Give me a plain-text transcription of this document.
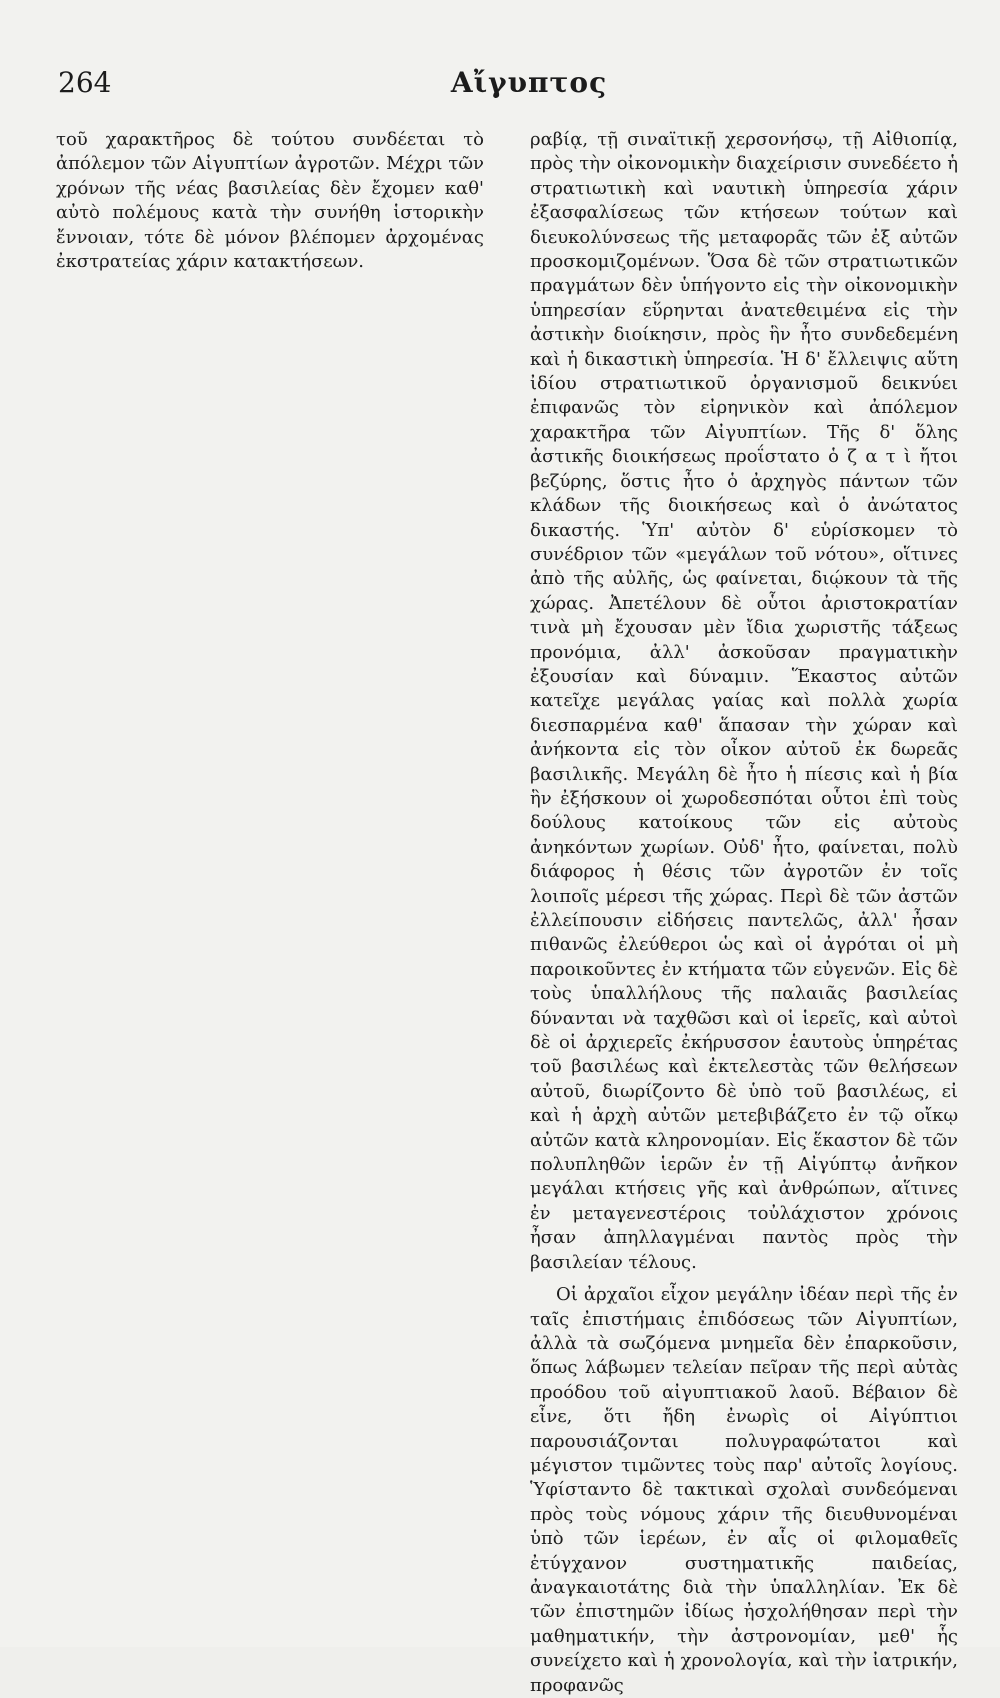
264	Αἴγυπτος

τοῦ χαρακτῆρος δὲ τούτου συνδέεται τὸ ἀπόλεμον τῶν Αἰγυπτίων ἀγροτῶν. Μέχρι τῶν χρόνων τῆς νέας βασιλείας δὲν ἔχομεν καθ' αὐτὸ πολέμους κατὰ τὴν συνήθη ἱστορικὴν ἔννοιαν, τότε δὲ μόνον βλέπομεν ἀρχομένας ἐκστρατείας χάριν κατακτήσεων.

ραβίᾳ, τῇ σιναϊτικῇ χερσονήσῳ, τῇ Αἰθιοπίᾳ, πρὸς τὴν οἰκονομικὴν διαχείρισιν συνεδέετο ἡ στρατιωτικὴ καὶ ναυτικὴ ὑπηρεσία χάριν ἐξασφαλίσεως τῶν κτήσεων τούτων καὶ διευκολύνσεως τῆς μεταφορᾶς τῶν ἐξ αὐτῶν προσκομιζομένων. Ὅσα δὲ τῶν στρατιωτικῶν πραγμάτων δὲν ὑπήγοντο εἰς τὴν οἰκονομικὴν ὑπηρεσίαν εὕρηνται ἀνατεθειμένα εἰς τὴν ἀστικὴν διοίκησιν, πρὸς ἣν ἦτο συνδεδεμένη καὶ ἡ δικαστικὴ ὑπηρεσία. Ἡ δ' ἔλλειψις αὕτη ἰδίου στρατιωτικοῦ ὀργανισμοῦ δεικνύει ἐπιφανῶς τὸν εἰρηνικὸν καὶ ἀπόλεμον χαρακτῆρα τῶν Αἰγυπτίων. Τῆς δ' ὅλης ἀστικῆς διοικήσεως προΐστατο ὁ ζ α τ ὶ ἤτοι βεζύρης, ὅστις ἦτο ὁ ἀρχηγὸς πάντων τῶν κλάδων τῆς διοικήσεως καὶ ὁ ἀνώτατος δικαστής. Ὑπ' αὐτὸν δ' εὑρίσκομεν τὸ συνέδριον τῶν «μεγάλων τοῦ νότου», οἵτινες ἀπὸ τῆς αὐλῆς, ὡς φαίνεται, διῴκουν τὰ τῆς χώρας. Ἀπετέλουν δὲ οὗτοι ἀριστοκρατίαν τινὰ μὴ ἔχουσαν μὲν ἴδια χωριστῆς τάξεως προνόμια, ἀλλ' ἀσκοῦσαν πραγματικὴν ἐξουσίαν καὶ δύναμιν. Ἕκαστος αὐτῶν κατεῖχε μεγάλας γαίας καὶ πολλὰ χωρία διεσπαρμένα καθ' ἅπασαν τὴν χώραν καὶ ἀνήκοντα εἰς τὸν οἶκον αὐτοῦ ἐκ δωρεᾶς βασιλικῆς. Μεγάλη δὲ ἦτο ἡ πίεσις καὶ ἡ βία ἣν ἐξήσκουν οἱ χωροδεσπόται οὗτοι ἐπὶ τοὺς δούλους κατοίκους τῶν εἰς αὐτοὺς ἀνηκόντων χωρίων. Οὐδ' ἦτο, φαίνεται, πολὺ διάφορος ἡ θέσις τῶν ἀγροτῶν ἐν τοῖς λοιποῖς μέρεσι τῆς χώρας. Περὶ δὲ τῶν ἀστῶν ἐλλείπουσιν εἰδήσεις παντελῶς, ἀλλ' ἦσαν πιθανῶς ἐλεύθεροι ὡς καὶ οἱ ἀγρόται οἱ μὴ παροικοῦντες ἐν κτήματα τῶν εὐγενῶν. Εἰς δὲ τοὺς ὑπαλλήλους τῆς παλαιᾶς βασιλείας δύνανται νὰ ταχθῶσι καὶ οἱ ἱερεῖς, καὶ αὐτοὶ δὲ οἱ ἀρχιερεῖς ἐκήρυσσον ἑαυτοὺς ὑπηρέτας τοῦ βασιλέως καὶ ἐκτελεστὰς τῶν θελήσεων αὐτοῦ, διωρίζοντο δὲ ὑπὸ τοῦ βασιλέως, εἰ καὶ ἡ ἀρχὴ αὐτῶν μετεβιβάζετο ἐν τῷ οἴκῳ αὐτῶν κατὰ κληρονομίαν. Εἰς ἕκαστον δὲ τῶν πολυπληθῶν ἱερῶν ἐν τῇ Αἰγύπτῳ ἀνῆκον μεγάλαι κτήσεις γῆς καὶ ἀνθρώπων, αἵτινες ἐν μεταγενεστέροις τοὐλάχιστον χρόνοις ἦσαν ἀπηλλαγμέναι παντὸς πρὸς τὴν βασιλείαν τέλους.

Οἱ ἀρχαῖοι εἶχον μεγάλην ἰδέαν περὶ τῆς ἐν ταῖς ἐπιστήμαις ἐπιδόσεως τῶν Αἰγυπτίων, ἀλλὰ τὰ σωζόμενα μνημεῖα δὲν ἐπαρκοῦσιν, ὅπως λάβωμεν τελείαν πεῖραν τῆς περὶ αὐτὰς προόδου τοῦ αἰγυπτιακοῦ λαοῦ. Βέβαιον δὲ εἶνε, ὅτι ἤδη ἐνωρὶς οἱ Αἰγύπτιοι παρουσιάζονται πολυγραφώτατοι καὶ μέγιστον τιμῶντες τοὺς παρ' αὐτοῖς λογίους. Ὑφίσταντο δὲ τακτικαὶ σχολαὶ συνδεόμεναι πρὸς τοὺς νόμους χάριν τῆς διευθυνομέναι ὑπὸ τῶν ἱερέων, ἐν αἷς οἱ φιλομαθεῖς ἐτύγχανον συστηματικῆς παιδείας, ἀναγκαιοτάτης διὰ τὴν ὑπαλληλίαν. Ἐκ δὲ τῶν ἐπιστημῶν ἰδίως ἠσχολήθησαν περὶ τὴν μαθηματικήν, τὴν ἀστρονομίαν, μεθ' ἧς συνείχετο καὶ ἡ χρονολογία, καὶ τὴν ἰατρικήν, προφανῶς
